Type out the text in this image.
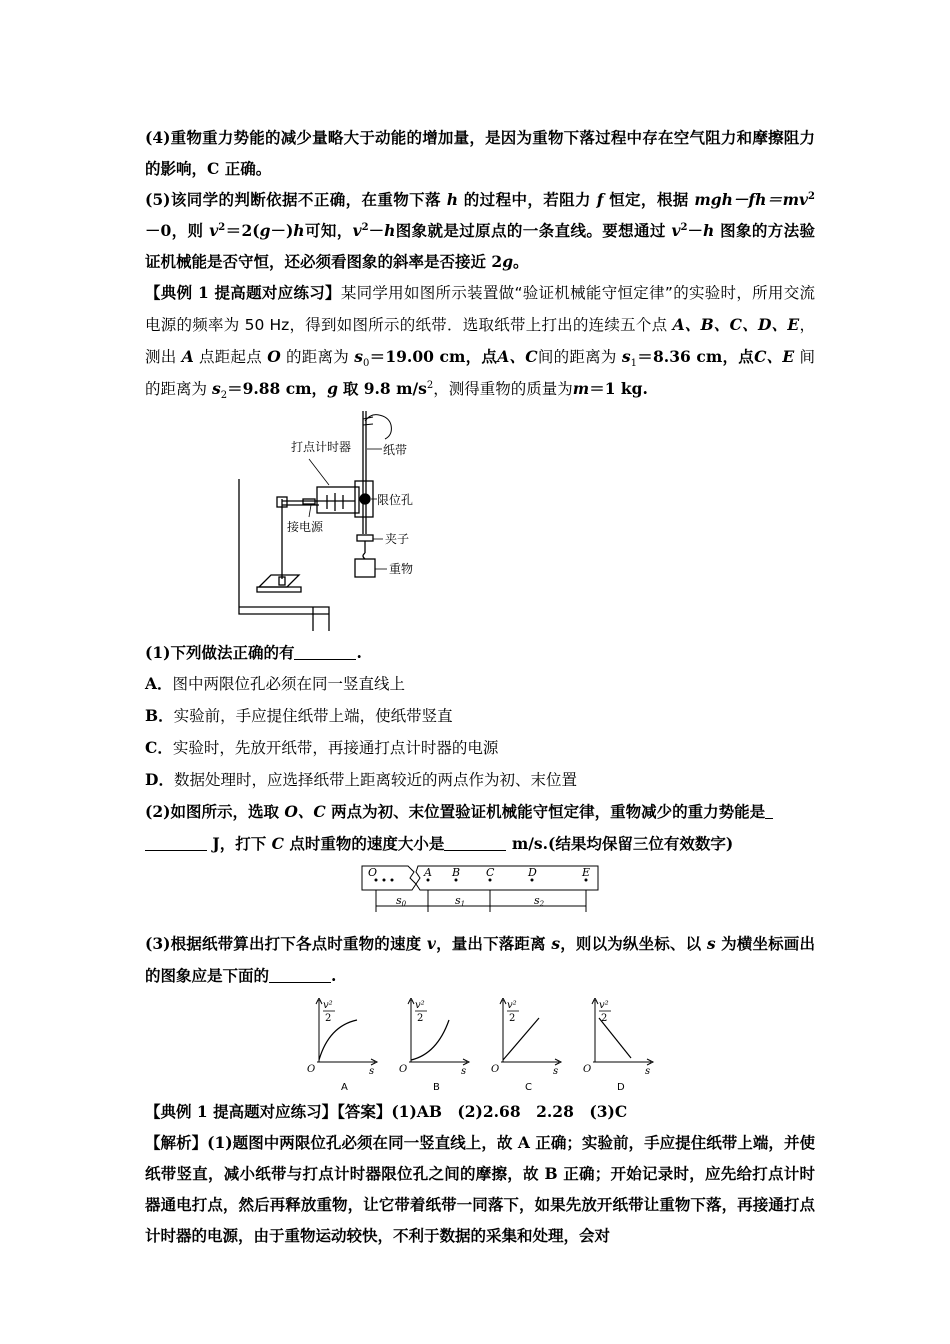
(4)重物重力势能的减少量略大于动能的增加量，是因为重物下落过程中存在空气阻力和摩擦阻力的影响，C 正确。

(5)该同学的判断依据不正确，在重物下落 h 的过程中，若阻力 f 恒定，根据 $mgh-fh=mv^2-0$，则 $v^2=2(g-)h$可知，$v^2-h$图象就是过原点的一条直线。要想通过 $v^2-h$ 图象的方法验证机械能是否守恒，还必须看图象的斜率是否接近 2g。

【典例 1 提高题对应练习】某同学用如图所示装置做“验证机械能守恒定律”的实验时，所用交流电源的频率为 50 Hz，得到如图所示的纸带．选取纸带上打出的连续五个点 A、B、C、D、E，测出 A 点距起点 O 的距离为 $s_0=19.00$ cm，点A、C间的距离为 $s_1=8.36$ cm，点C、E 间的距离为 $s_2=9.88$ cm，g 取 9.8 $m/s^2$，测得重物的质量为m＝1 kg.

打点计时器	纸带
限位孔
接电源
夹子
重物

(1)下列做法正确的有	.

A．图中两限位孔必须在同一竖直线上

B．实验前，手应提住纸带上端，使纸带竖直

C．实验时，先放开纸带，再接通打点计时器的电源

D．数据处理时，应选择纸带上距离较近的两点作为初、末位置

(2)如图所示，选取 O、C 两点为初、末位置验证机械能守恒定律，重物减少的重力势能是
J，打下 C 点时重物的速度大小是	m/s.(结果均保留三位有效数字)

O	A B C	D	E
s0	s1	s2

(3)根据纸带算出打下各点时重物的速度 v，量出下落距离 s，则以为纵坐标、以 s 为横坐标画出的图象应是下面的	.

v²
2
O	s
A
v²
2
O	s
B
v²
2
O	s
C
v²
2
O	s
D

【典例 1 提高题对应练习】【答案】(1)AB　(2)2.68　2.28　(3)C

【解析】(1)题图中两限位孔必须在同一竖直线上，故 A 正确；实验前，手应提住纸带上端，并使纸带竖直，减小纸带与打点计时器限位孔之间的摩擦，故 B 正确；开始记录时，应先给打点计时器通电打点，然后再释放重物，让它带着纸带一同落下，如果先放开纸带让重物下落，再接通打点计时器的电源，由于重物运动较快，不利于数据的采集和处理，会对
